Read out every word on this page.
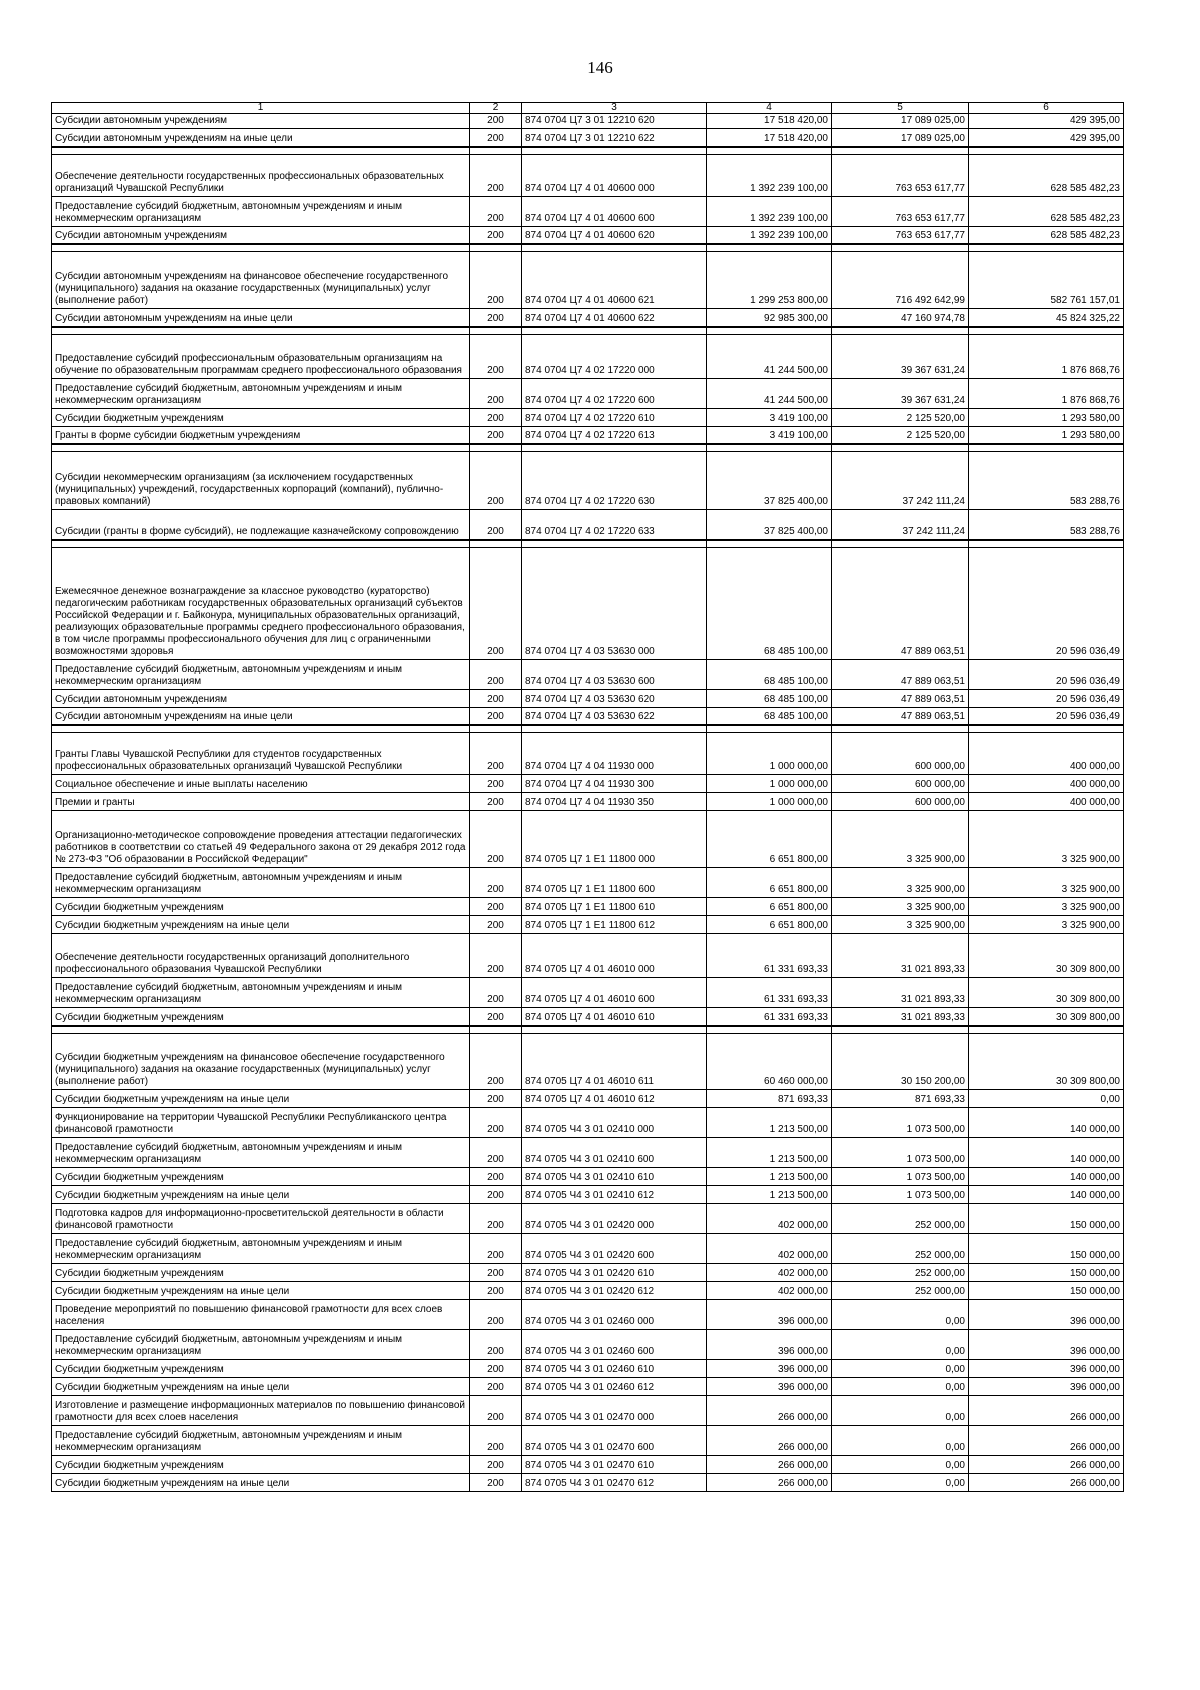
146
1	2	3	4	5	6
Субсидии автономным учреждениям	200	874 0704 Ц7 3 01 12210 620	17 518 420,00	17 089 025,00	429 395,00
Субсидии автономным учреждениям на иные цели	200	874 0704 Ц7 3 01 12210 622	17 518 420,00	17 089 025,00	429 395,00

Обеспечение деятельности государственных профессиональных образовательных организаций Чувашской Республики	200	874 0704 Ц7 4 01 40600 000	1 392 239 100,00	763 653 617,77	628 585 482,23
Предоставление субсидий бюджетным, автономным учреждениям и иным некоммерческим организациям	200	874 0704 Ц7 4 01 40600 600	1 392 239 100,00	763 653 617,77	628 585 482,23
Субсидии автономным учреждениям	200	874 0704 Ц7 4 01 40600 620	1 392 239 100,00	763 653 617,77	628 585 482,23

Субсидии автономным учреждениям на финансовое обеспечение государственного (муниципального) задания на оказание государственных (муниципальных) услуг (выполнение работ)	200	874 0704 Ц7 4 01 40600 621	1 299 253 800,00	716 492 642,99	582 761 157,01
Субсидии автономным учреждениям на иные цели	200	874 0704 Ц7 4 01 40600 622	92 985 300,00	47 160 974,78	45 824 325,22

Предоставление субсидий профессиональным образовательным организациям на обучение по образовательным программам среднего профессионального образования	200	874 0704 Ц7 4 02 17220 000	41 244 500,00	39 367 631,24	1 876 868,76
Предоставление субсидий бюджетным, автономным учреждениям и иным некоммерческим организациям	200	874 0704 Ц7 4 02 17220 600	41 244 500,00	39 367 631,24	1 876 868,76
Субсидии бюджетным учреждениям	200	874 0704 Ц7 4 02 17220 610	3 419 100,00	2 125 520,00	1 293 580,00
Гранты в форме субсидии бюджетным учреждениям	200	874 0704 Ц7 4 02 17220 613	3 419 100,00	2 125 520,00	1 293 580,00

Субсидии некоммерческим организациям (за исключением государственных (муниципальных) учреждений, государственных корпораций (компаний), публично-правовых компаний)	200	874 0704 Ц7 4 02 17220 630	37 825 400,00	37 242 111,24	583 288,76
Субсидии (гранты в форме субсидий), не подлежащие казначейскому сопровождению	200	874 0704 Ц7 4 02 17220 633	37 825 400,00	37 242 111,24	583 288,76

Ежемесячное денежное вознаграждение за классное руководство (кураторство) педагогическим работникам государственных образовательных организаций субъектов Российской Федерации и г. Байконура, муниципальных образовательных организаций, реализующих образовательные программы среднего профессионального образования, в том числе программы профессионального обучения для лиц с ограниченными возможностями здоровья	200	874 0704 Ц7 4 03 53630 000	68 485 100,00	47 889 063,51	20 596 036,49
Предоставление субсидий бюджетным, автономным учреждениям и иным некоммерческим организациям	200	874 0704 Ц7 4 03 53630 600	68 485 100,00	47 889 063,51	20 596 036,49
Субсидии автономным учреждениям	200	874 0704 Ц7 4 03 53630 620	68 485 100,00	47 889 063,51	20 596 036,49
Субсидии автономным учреждениям на иные цели	200	874 0704 Ц7 4 03 53630 622	68 485 100,00	47 889 063,51	20 596 036,49

Гранты Главы Чувашской Республики для студентов государственных профессиональных образовательных организаций Чувашской Республики	200	874 0704 Ц7 4 04 11930 000	1 000 000,00	600 000,00	400 000,00
Социальное обеспечение и иные выплаты населению	200	874 0704 Ц7 4 04 11930 300	1 000 000,00	600 000,00	400 000,00
Премии и гранты	200	874 0704 Ц7 4 04 11930 350	1 000 000,00	600 000,00	400 000,00
Организационно-методическое сопровождение проведения аттестации педагогических работников в соответствии со статьей 49 Федерального закона от 29 декабря 2012 года № 273-ФЗ "Об образовании в Российской Федерации"	200	874 0705 Ц7 1 Е1 11800 000	6 651 800,00	3 325 900,00	3 325 900,00
Предоставление субсидий бюджетным, автономным учреждениям и иным некоммерческим организациям	200	874 0705 Ц7 1 Е1 11800 600	6 651 800,00	3 325 900,00	3 325 900,00
Субсидии бюджетным учреждениям	200	874 0705 Ц7 1 Е1 11800 610	6 651 800,00	3 325 900,00	3 325 900,00
Субсидии бюджетным учреждениям на иные цели	200	874 0705 Ц7 1 Е1 11800 612	6 651 800,00	3 325 900,00	3 325 900,00
Обеспечение деятельности государственных организаций дополнительного профессионального образования Чувашской Республики	200	874 0705 Ц7 4 01 46010 000	61 331 693,33	31 021 893,33	30 309 800,00
Предоставление субсидий бюджетным, автономным учреждениям и иным некоммерческим организациям	200	874 0705 Ц7 4 01 46010 600	61 331 693,33	31 021 893,33	30 309 800,00
Субсидии бюджетным учреждениям	200	874 0705 Ц7 4 01 46010 610	61 331 693,33	31 021 893,33	30 309 800,00

Субсидии бюджетным учреждениям на финансовое обеспечение государственного (муниципального) задания на оказание государственных (муниципальных) услуг (выполнение работ)	200	874 0705 Ц7 4 01 46010 611	60 460 000,00	30 150 200,00	30 309 800,00
Субсидии бюджетным учреждениям на иные цели	200	874 0705 Ц7 4 01 46010 612	871 693,33	871 693,33	0,00
Функционирование на территории Чувашской Республики Республиканского центра финансовой грамотности	200	874 0705 Ч4 3 01 02410 000	1 213 500,00	1 073 500,00	140 000,00
Предоставление субсидий бюджетным, автономным учреждениям и иным некоммерческим организациям	200	874 0705 Ч4 3 01 02410 600	1 213 500,00	1 073 500,00	140 000,00
Субсидии бюджетным учреждениям	200	874 0705 Ч4 3 01 02410 610	1 213 500,00	1 073 500,00	140 000,00
Субсидии бюджетным учреждениям на иные цели	200	874 0705 Ч4 3 01 02410 612	1 213 500,00	1 073 500,00	140 000,00
Подготовка кадров для информационно-просветительской деятельности в области финансовой грамотности	200	874 0705 Ч4 3 01 02420 000	402 000,00	252 000,00	150 000,00
Предоставление субсидий бюджетным, автономным учреждениям и иным некоммерческим организациям	200	874 0705 Ч4 3 01 02420 600	402 000,00	252 000,00	150 000,00
Субсидии бюджетным учреждениям	200	874 0705 Ч4 3 01 02420 610	402 000,00	252 000,00	150 000,00
Субсидии бюджетным учреждениям на иные цели	200	874 0705 Ч4 3 01 02420 612	402 000,00	252 000,00	150 000,00
Проведение мероприятий по повышению финансовой грамотности для всех слоев населения	200	874 0705 Ч4 3 01 02460 000	396 000,00	0,00	396 000,00
Предоставление субсидий бюджетным, автономным учреждениям и иным некоммерческим организациям	200	874 0705 Ч4 3 01 02460 600	396 000,00	0,00	396 000,00
Субсидии бюджетным учреждениям	200	874 0705 Ч4 3 01 02460 610	396 000,00	0,00	396 000,00
Субсидии бюджетным учреждениям на иные цели	200	874 0705 Ч4 3 01 02460 612	396 000,00	0,00	396 000,00
Изготовление и размещение информационных материалов по повышению финансовой грамотности для всех слоев населения	200	874 0705 Ч4 3 01 02470 000	266 000,00	0,00	266 000,00
Предоставление субсидий бюджетным, автономным учреждениям и иным некоммерческим организациям	200	874 0705 Ч4 3 01 02470 600	266 000,00	0,00	266 000,00
Субсидии бюджетным учреждениям	200	874 0705 Ч4 3 01 02470 610	266 000,00	0,00	266 000,00
Субсидии бюджетным учреждениям на иные цели	200	874 0705 Ч4 3 01 02470 612	266 000,00	0,00	266 000,00
